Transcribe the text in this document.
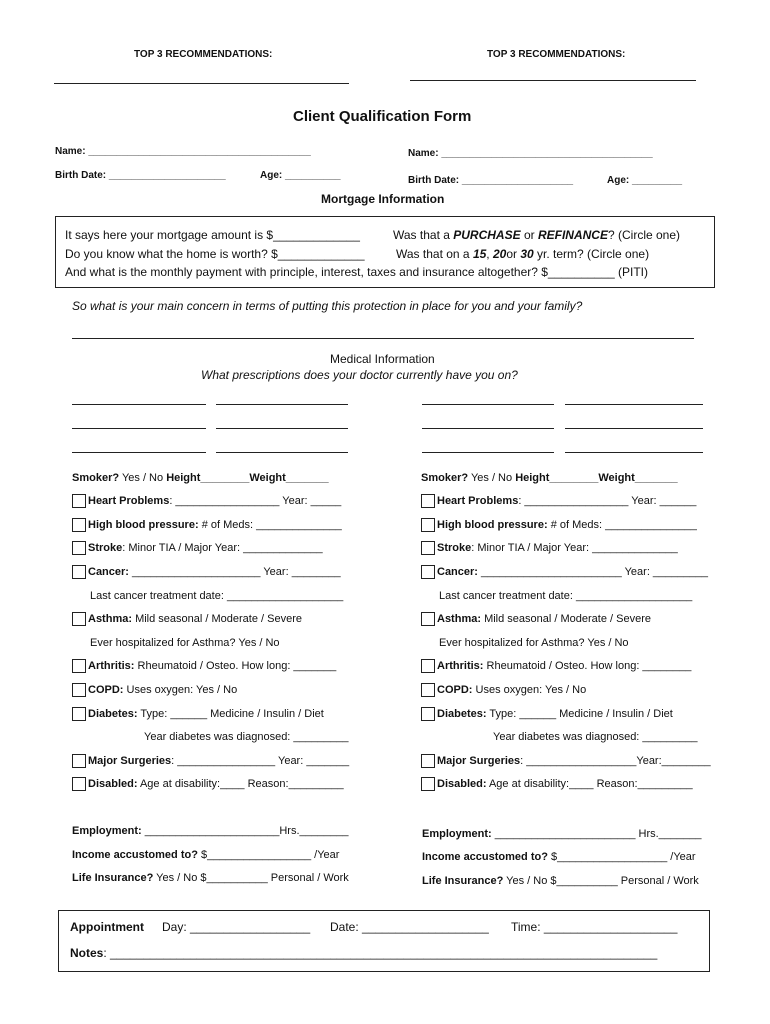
TOP 3 RECOMMENDATIONS:	TOP 3 RECOMMENDATIONS:
Client Qualification Form
Name: ________________________________________
Birth Date: _____________________	Age: __________
Name: ______________________________________
Birth Date: ____________________	Age: _________
Mortgage Information
It says here your mortgage amount is $_____________	Was that a PURCHASE or REFINANCE? (Circle one)
Do you know what the home is worth? $_____________	Was that on a 15, 20or 30 yr. term? (Circle one)
And what is the monthly payment with principle, interest, taxes and insurance altogether? $__________ (PITI)
So what is your main concern in terms of putting this protection in place for you and your family?
Medical Information
What prescriptions does your doctor currently have you on?
Smoker? Yes / No Height________Weight_______
Heart Problems: _________________ Year: _____
High blood pressure: # of Meds: ______________
Stroke: Minor TIA / Major Year: _____________
Cancer: _____________________ Year: ________
Last cancer treatment date: ___________________
Asthma: Mild seasonal / Moderate / Severe
Ever hospitalized for Asthma? Yes / No
Arthritis: Rheumatoid / Osteo. How long: _______
COPD: Uses oxygen: Yes / No
Diabetes: Type: ______ Medicine / Insulin / Diet
Year diabetes was diagnosed: _________
Major Surgeries: ________________ Year: _______
Disabled: Age at disability:____ Reason:_________
Employment: ______________________Hrs.________
Income accustomed to? $_________________ /Year
Life Insurance? Yes / No $__________ Personal / Work
Smoker? Yes / No Height________Weight_______
Heart Problems: _________________ Year: ______
High blood pressure: # of Meds: _______________
Stroke: Minor TIA / Major Year: ______________
Cancer: _______________________ Year: _________
Last cancer treatment date: ___________________
Asthma: Mild seasonal / Moderate / Severe
Ever hospitalized for Asthma? Yes / No
Arthritis: Rheumatoid / Osteo. How long: ________
COPD: Uses oxygen: Yes / No
Diabetes: Type: ______ Medicine / Insulin / Diet
Year diabetes was diagnosed: _________
Major Surgeries: __________________Year:________
Disabled: Age at disability:____ Reason:_________
Employment: _______________________ Hrs._______
Income accustomed to? $__________________ /Year
Life Insurance? Yes / No $__________ Personal / Work
Appointment Day: __________________ Date: ___________________ Time: ____________________
Notes: __________________________________________________________________________________
